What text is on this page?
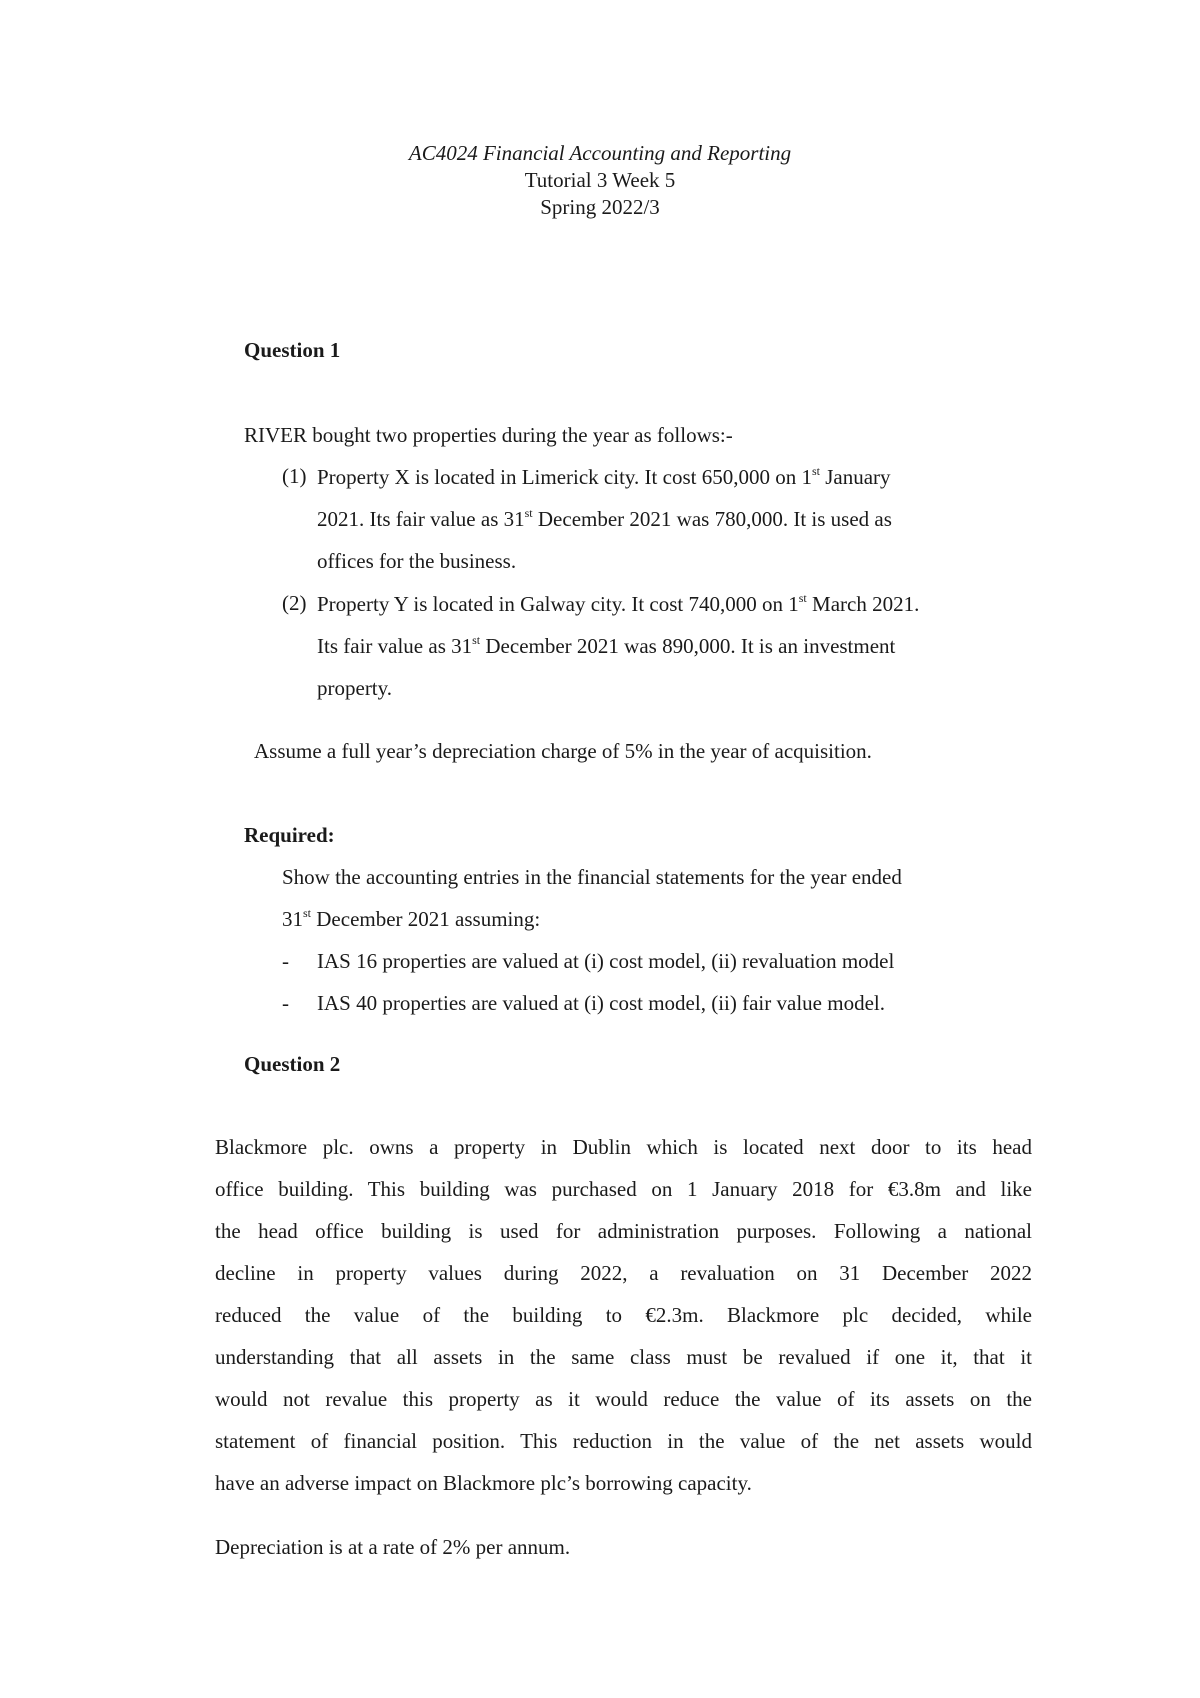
AC4024 Financial Accounting and Reporting
Tutorial 3 Week 5
Spring 2022/3
Question 1
RIVER bought two properties during the year as follows:-
(1) Property X is located in Limerick city. It cost 650,000 on 1st January
2021. Its fair value as 31st December 2021 was 780,000. It is used as
offices for the business.
(2) Property Y is located in Galway city. It cost 740,000 on 1st March 2021.
Its fair value as 31st December 2021 was 890,000. It is an investment
property.
Assume a full year’s depreciation charge of 5% in the year of acquisition.
Required:
Show the accounting entries in the financial statements for the year ended
31st December 2021 assuming:
- IAS 16 properties are valued at (i) cost model, (ii) revaluation model
- IAS 40 properties are valued at (i) cost model, (ii) fair value model.
Question 2
Blackmore plc. owns a property in Dublin which is located next door to its head
office building. This building was purchased on 1 January 2018 for €3.8m and like
the head office building is used for administration purposes. Following a national
decline in property values during 2022, a revaluation on 31 December 2022
reduced the value of the building to €2.3m. Blackmore plc decided, while
understanding that all assets in the same class must be revalued if one it, that it
would not revalue this property as it would reduce the value of its assets on the
statement of financial position. This reduction in the value of the net assets would
have an adverse impact on Blackmore plc’s borrowing capacity.
Depreciation is at a rate of 2% per annum.
